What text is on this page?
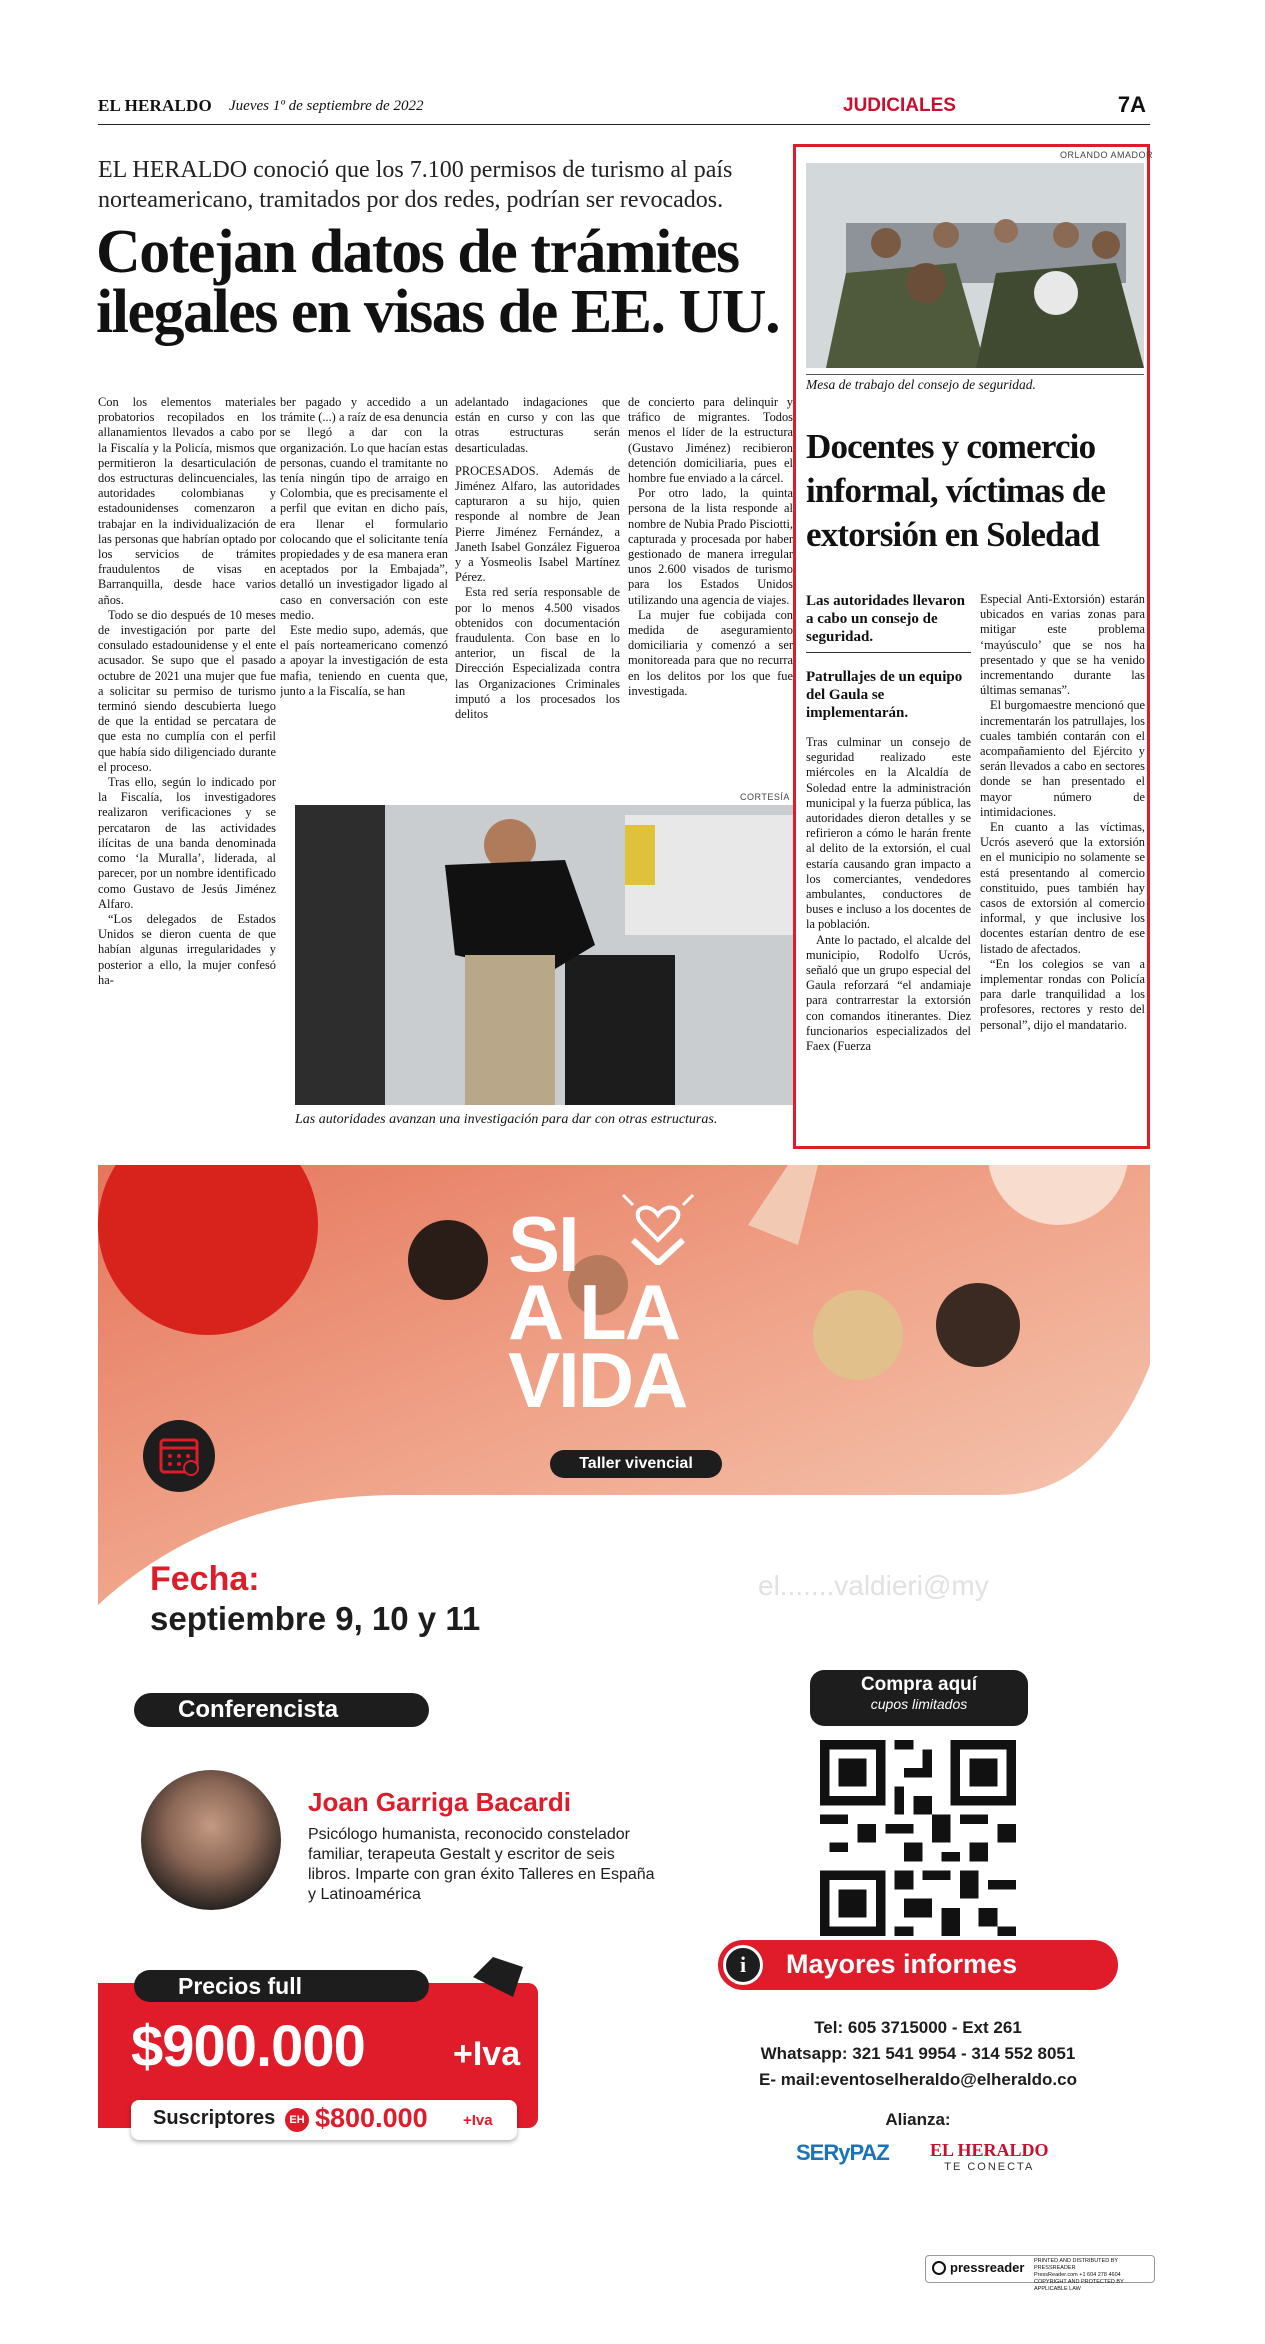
EL HERALDO Jueves 1º de septiembre de 2022	JUDICIALES	7A
EL HERALDO conoció que los 7.100 permisos de turismo al país norteamericano, tramitados por dos redes, podrían ser revocados.
Cotejan datos de trámites ilegales en visas de EE. UU.

Con los elementos materiales probatorios recopilados en los allanamientos llevados a cabo por la Fiscalía y la Policía, mismos que permitieron la desarticulación de dos estructuras delincuenciales, las autoridades colombianas y estadounidenses comenzaron a trabajar en la individualización de las personas que habrían optado por los servicios de trámites fraudulentos de visas en Barranquilla, desde hace varios años.

Todo se dio después de 10 meses de investigación por parte del consulado estadounidense y el ente acusador. Se supo que el pasado octubre de 2021 una mujer que fue a solicitar su permiso de turismo terminó siendo descubierta luego de que la entidad se percatara de que esta no cumplía con el perfil que había sido diligenciado durante el proceso.

Tras ello, según lo indicado por la Fiscalía, los investigadores realizaron verificaciones y se percataron de las actividades ilícitas de una banda denominada como ‘la Muralla’, liderada, al parecer, por un nombre identificado como Gustavo de Jesús Jiménez Alfaro.

“Los delegados de Estados Unidos se dieron cuenta de que habían algunas irregularidades y posterior a ello, la mujer confesó ha-

ber pagado y accedido a un trámite (...) a raíz de esa denuncia se llegó a dar con la organización. Lo que hacían estas personas, cuando el tramitante no tenía ningún tipo de arraigo en Colombia, que es precisamente el perfil que evitan en dicho país, era llenar el formulario colocando que el solicitante tenía propiedades y de esa manera eran aceptados por la Embajada”, detalló un investigador ligado al caso en conversación con este medio.

Este medio supo, además, que el país norteamericano comenzó a apoyar la investigación de esta mafia, teniendo en cuenta que, junto a la Fiscalía, se han

adelantado indagaciones que están en curso y con las que otras estructuras serán desarticuladas.

PROCESADOS. Además de Jiménez Alfaro, las autoridades capturaron a su hijo, quien responde al nombre de Jean Pierre Jiménez Fernández, a Janeth Isabel González Figueroa y a Yosmeolis Isabel Martínez Pérez.

Esta red sería responsable de por lo menos 4.500 visados obtenidos con documentación fraudulenta. Con base en lo anterior, un fiscal de la Dirección Especializada contra las Organizaciones Criminales imputó a los procesados los delitos

de concierto para delinquir y tráfico de migrantes. Todos menos el líder de la estructura (Gustavo Jiménez) recibieron detención domiciliaria, pues el hombre fue enviado a la cárcel.

Por otro lado, la quinta persona de la lista responde al nombre de Nubia Prado Pisciotti, capturada y procesada por haber gestionado de manera irregular unos 2.600 visados de turismo para los Estados Unidos utilizando una agencia de viajes.

La mujer fue cobijada con medida de aseguramiento domiciliaria y comenzó a ser monitoreada para que no recurra en los delitos por los que fue investigada.

CORTESÍA
Las autoridades avanzan una investigación para dar con otras estructuras.
ORLANDO AMADOR
Mesa de trabajo del consejo de seguridad.
Docentes y comercio informal, víctimas de extorsión en Soledad
Las autoridades llevaron a cabo un consejo de seguridad.
Patrullajes de un equipo del Gaula se implementarán.

Tras culminar un consejo de seguridad realizado este miércoles en la Alcaldía de Soledad entre la administración municipal y la fuerza pública, las autoridades dieron detalles y se refirieron a cómo le harán frente al delito de la extorsión, el cual estaría causando gran impacto a los comerciantes, vendedores ambulantes, conductores de buses e incluso a los docentes de la población.

Ante lo pactado, el alcalde del municipio, Rodolfo Ucrós, señaló que un grupo especial del Gaula reforzará “el andamiaje para contrarrestar la extorsión con comandos itinerantes. Diez funcionarios especializados del Faex (Fuerza

Especial Anti-Extorsión) estarán ubicados en varias zonas para mitigar este problema ‘mayúsculo’ que se nos ha presentado y que se ha venido incrementando durante las últimas semanas”.

El burgomaestre mencionó que incrementarán los patrullajes, los cuales también contarán con el acompañamiento del Ejército y serán llevados a cabo en sectores donde se han presentado el mayor número de intimidaciones.

En cuanto a las víctimas, Ucrós aseveró que la extorsión en el municipio no solamente se está presentando al comercio constituido, pues también hay casos de extorsión al comercio informal, y que inclusive los docentes estarían dentro de ese listado de afectados.

“En los colegios se van a implementar rondas con Policía para darle tranquilidad a los profesores, rectores y resto del personal”, dijo el mandatario.

SI
A LA
VIDA
Taller vivencial
Fecha:
septiembre 9, 10 y 11
el.......valdieri@my
Conferencista
Joan Garriga Bacardi
Psicólogo humanista, reconocido constelador familiar, terapeuta Gestalt y escritor de seis libros. Imparte con gran éxito Talleres en España y Latinoamérica
Compra aquí
cupos limitados
Precios full
$900.000	+Iva
Suscriptores	EH $800.000 +Iva
i	Mayores informes
Tel: 605 3715000 - Ext 261
Whatsapp: 321 541 9954 - 314 552 8051
E- mail:eventoselheraldo@elheraldo.co
Alianza:
SERyPAZ EL HERALDO
TE CONECTA
pressreader PRINTED AND DISTRIBUTED BY PRESSREADER
PressReader.com +1 604 278 4604
COPYRIGHT AND PROTECTED BY APPLICABLE LAW
